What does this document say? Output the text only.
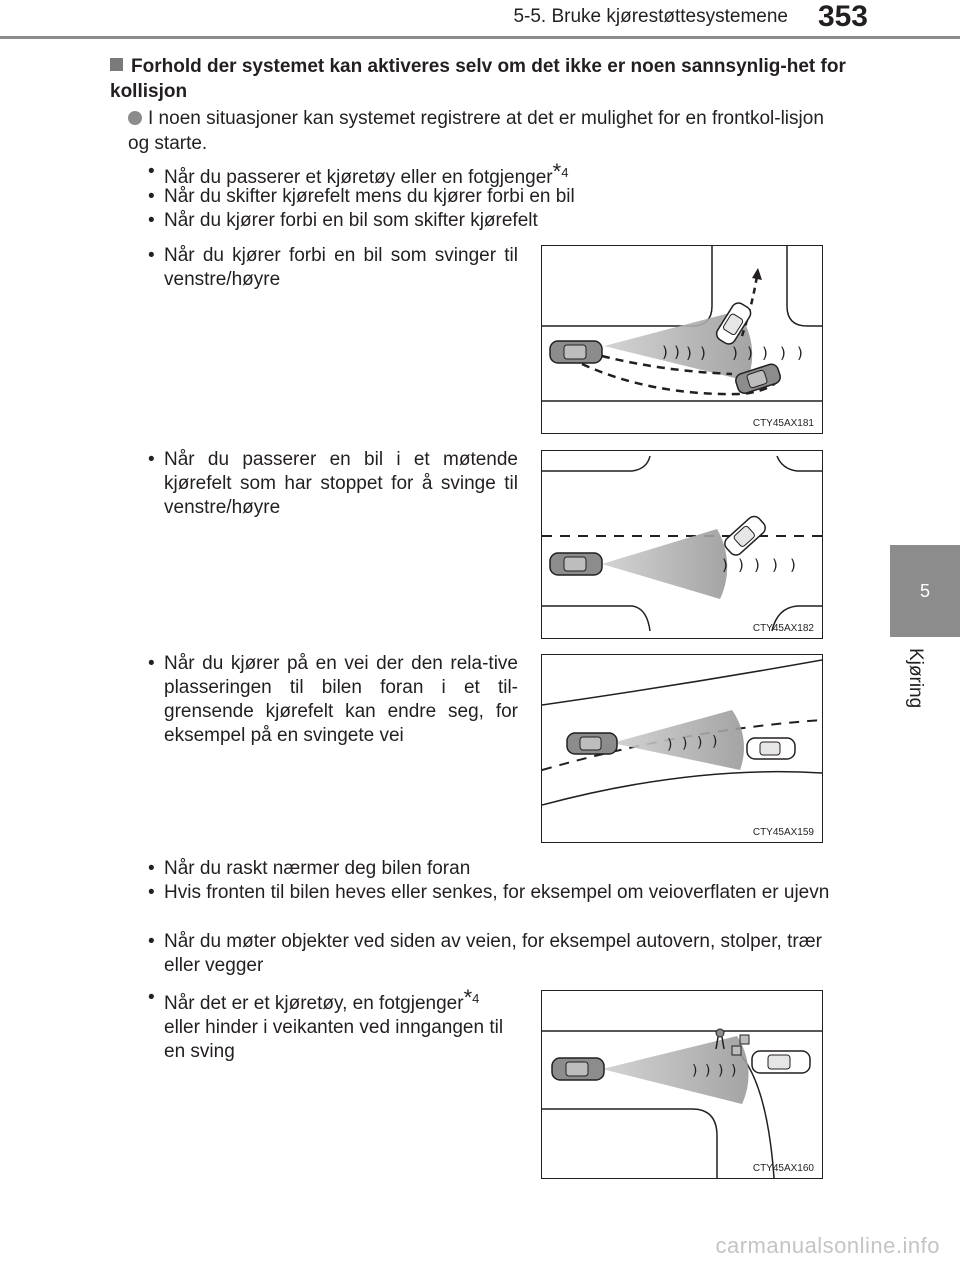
5-5. Bruke kjørestøttesystemene 353
5
Kjøring
Forhold der systemet kan aktiveres selv om det ikke er noen sannsynlig-het for kollisjon
I noen situasjoner kan systemet registrere at det er mulighet for en frontkol-lisjon og starte.
• Når du passerer et kjøretøy eller en fotgjenger$^{*4}$
• Når du skifter kjørefelt mens du kjører forbi en bil
• Når du kjører forbi en bil som skifter kjørefelt
• Når du kjører forbi en bil som svinger til venstre/høyre
) ) ) ) ) ) ) ) )
CTY45AX181
• Når du passerer en bil i et møtende kjørefelt som har stoppet for å svinge til venstre/høyre
) ) ) ) )
CTY45AX182
• Når du kjører på en vei der den rela-tive plasseringen til bilen foran i et til-grensende kjørefelt kan endre seg, for eksempel på en svingete vei	) ) ) )
CTY45AX159
• Når du raskt nærmer deg bilen foran
• Hvis fronten til bilen heves eller senkes, for eksempel om veioverflaten er ujevn
• Når du møter objekter ved siden av veien, for eksempel autovern, stolper, trær eller vegger
• Når det er et kjøretøy, en fotgjenger$^{*4}$ eller hinder i veikanten ved inngangen til en sving
) ) ) )
CTY45AX160
carmanualsonline.info
